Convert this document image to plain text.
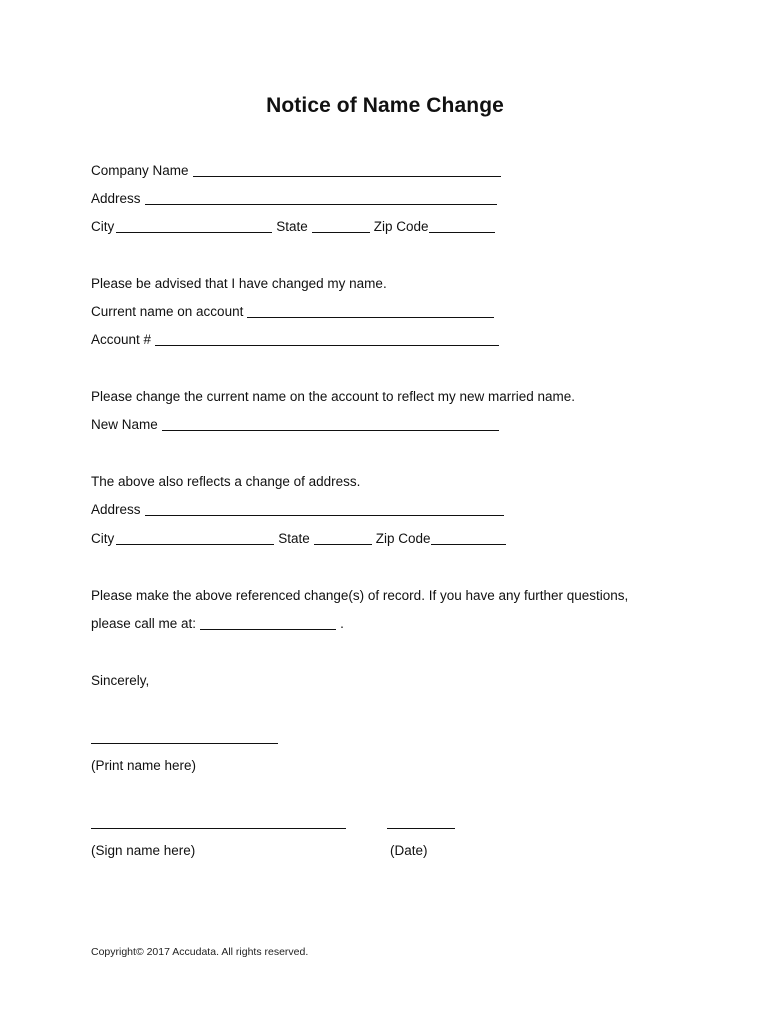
Notice of Name Change
Company Name
Address
City	State	Zip Code
Please be advised that I have changed my name.
Current name on account
Account #
Please change the current name on the account to reflect my new married name.
New Name
The above also reflects a change of address.
Address
City	State	Zip Code
Please make the above referenced change(s) of record. If you have any further questions,
please call me at:	.
Sincerely,
(Print name here)
(Sign name here)	(Date)
Copyright© 2017 Accudata. All rights reserved.
